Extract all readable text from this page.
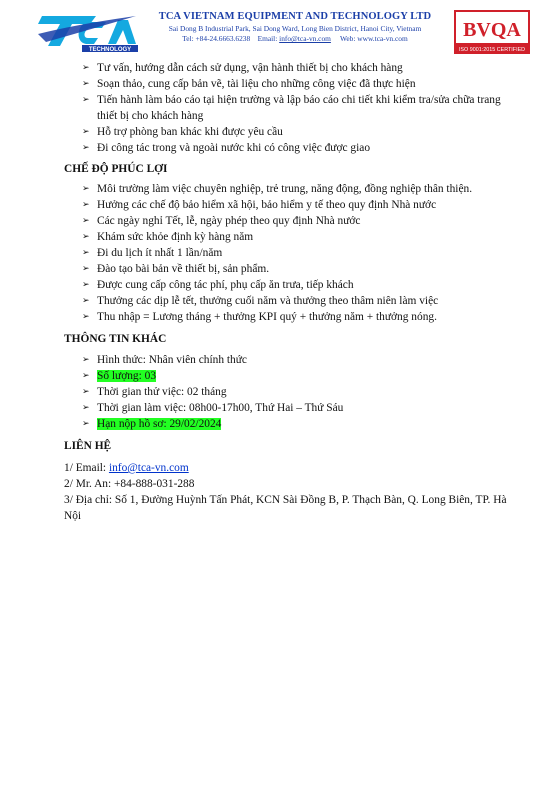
TECHNOLOGY
TCA VIETNAM EQUIPMENT AND TECHNOLOGY LTD
Sai Dong B Industrial Park, Sai Dong Ward, Long Bien District, Hanoi City, Vietnam
Tel: +84-24.6663.6238 Email: info@tca-vn.com Web: www.tca-vn.com	BVQA
ISO 9001:2015 CERTIFIED
➢ Tư vấn, hướng dẫn cách sử dụng, vận hành thiết bị cho khách hàng
➢ Soạn thảo, cung cấp bản vẽ, tài liệu cho những công việc đã thực hiện
➢ Tiến hành làm báo cáo tại hiện trường và lập báo cáo chi tiết khi kiểm tra/sửa chữa trang thiết bị cho khách hàng
➢ Hỗ trợ phòng ban khác khi được yêu cầu
➢ Đi công tác trong và ngoài nước khi có công việc được giao
CHẾ ĐỘ PHÚC LỢI
➢ Môi trường làm việc chuyên nghiệp, trẻ trung, năng động, đồng nghiệp thân thiện.
➢ Hưởng các chế độ bảo hiểm xã hội, bảo hiểm y tế theo quy định Nhà nước
➢ Các ngày nghỉ Tết, lễ, ngày phép theo quy định Nhà nước
➢ Khám sức khỏe định kỳ hàng năm
➢ Đi du lịch ít nhất 1 lần/năm
➢ Đào tạo bài bản về thiết bị, sản phẩm.
➢ Được cung cấp công tác phí, phụ cấp ăn trưa, tiếp khách
➢ Thưởng các dịp lễ tết, thưởng cuối năm và thưởng theo thâm niên làm việc
➢ Thu nhập = Lương tháng + thưởng KPI quý + thưởng năm + thưởng nóng.
THÔNG TIN KHÁC
➢ Hình thức: Nhân viên chính thức
➢ Số lượng: 03
➢ Thời gian thử việc: 02 tháng
➢ Thời gian làm việc: 08h00-17h00, Thứ Hai – Thứ Sáu
➢ Hạn nộp hồ sơ: 29/02/2024
LIÊN HỆ

1/ Email: info@tca-vn.com

2/ Mr. An: +84-888-031-288

3/ Địa chỉ: Số 1, Đường Huỳnh Tấn Phát, KCN Sài Đồng B, P. Thạch Bàn, Q. Long Biên, TP. Hà Nội
